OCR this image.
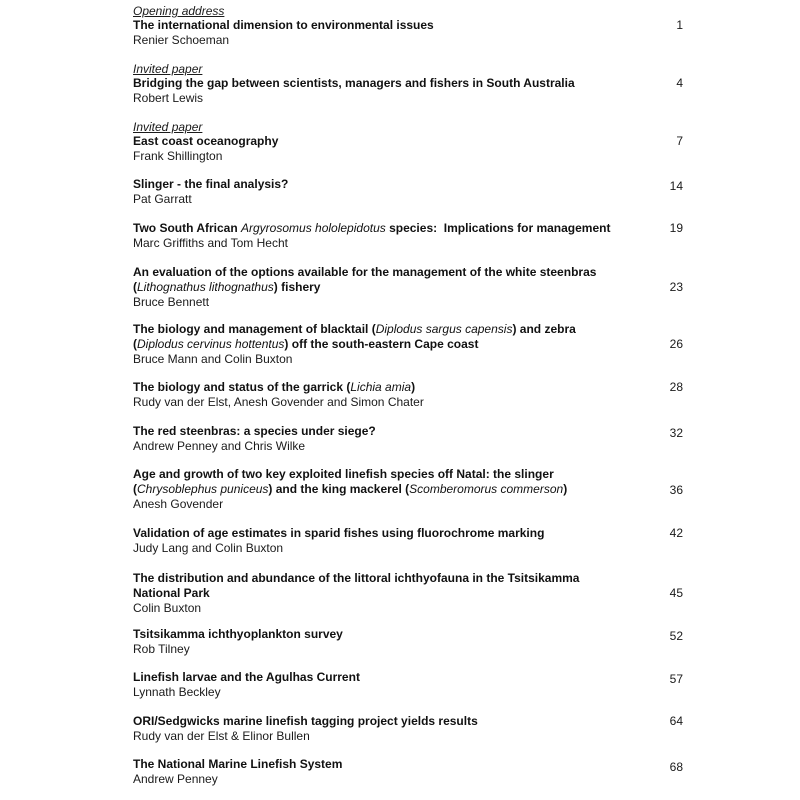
Opening address
The international dimension to environmental issues
Renier Schoeman
1
Invited paper
Bridging the gap between scientists, managers and fishers in South Australia
Robert Lewis
4
Invited paper
East coast oceanography
Frank Shillington
7
Slinger - the final analysis?
Pat Garratt
14
Two South African Argyrosomus hololepidotus species:  Implications for management
Marc Griffiths and Tom Hecht
19
An evaluation of the options available for the management of the white steenbras
(Lithognathus lithognathus) fishery
Bruce Bennett
23
The biology and management of blacktail (Diplodus sargus capensis) and zebra
(Diplodus cervinus hottentus) off the south-eastern Cape coast
Bruce Mann and Colin Buxton
26
The biology and status of the garrick (Lichia amia)
Rudy van der Elst, Anesh Govender and Simon Chater
28
The red steenbras: a species under siege?
Andrew Penney and Chris Wilke
32
Age and growth of two key exploited linefish species off Natal: the slinger
(Chrysoblephus puniceus) and the king mackerel (Scomberomorus commerson)
Anesh Govender
36
Validation of age estimates in sparid fishes using fluorochrome marking
Judy Lang and Colin Buxton
42
The distribution and abundance of the littoral ichthyofauna in the Tsitsikamma
National Park
Colin Buxton
45
Tsitsikamma ichthyoplankton survey
Rob Tilney
52
Linefish larvae and the Agulhas Current
Lynnath Beckley
57
ORI/Sedgwicks marine linefish tagging project yields results
Rudy van der Elst & Elinor Bullen
64
The National Marine Linefish System
Andrew Penney
68
